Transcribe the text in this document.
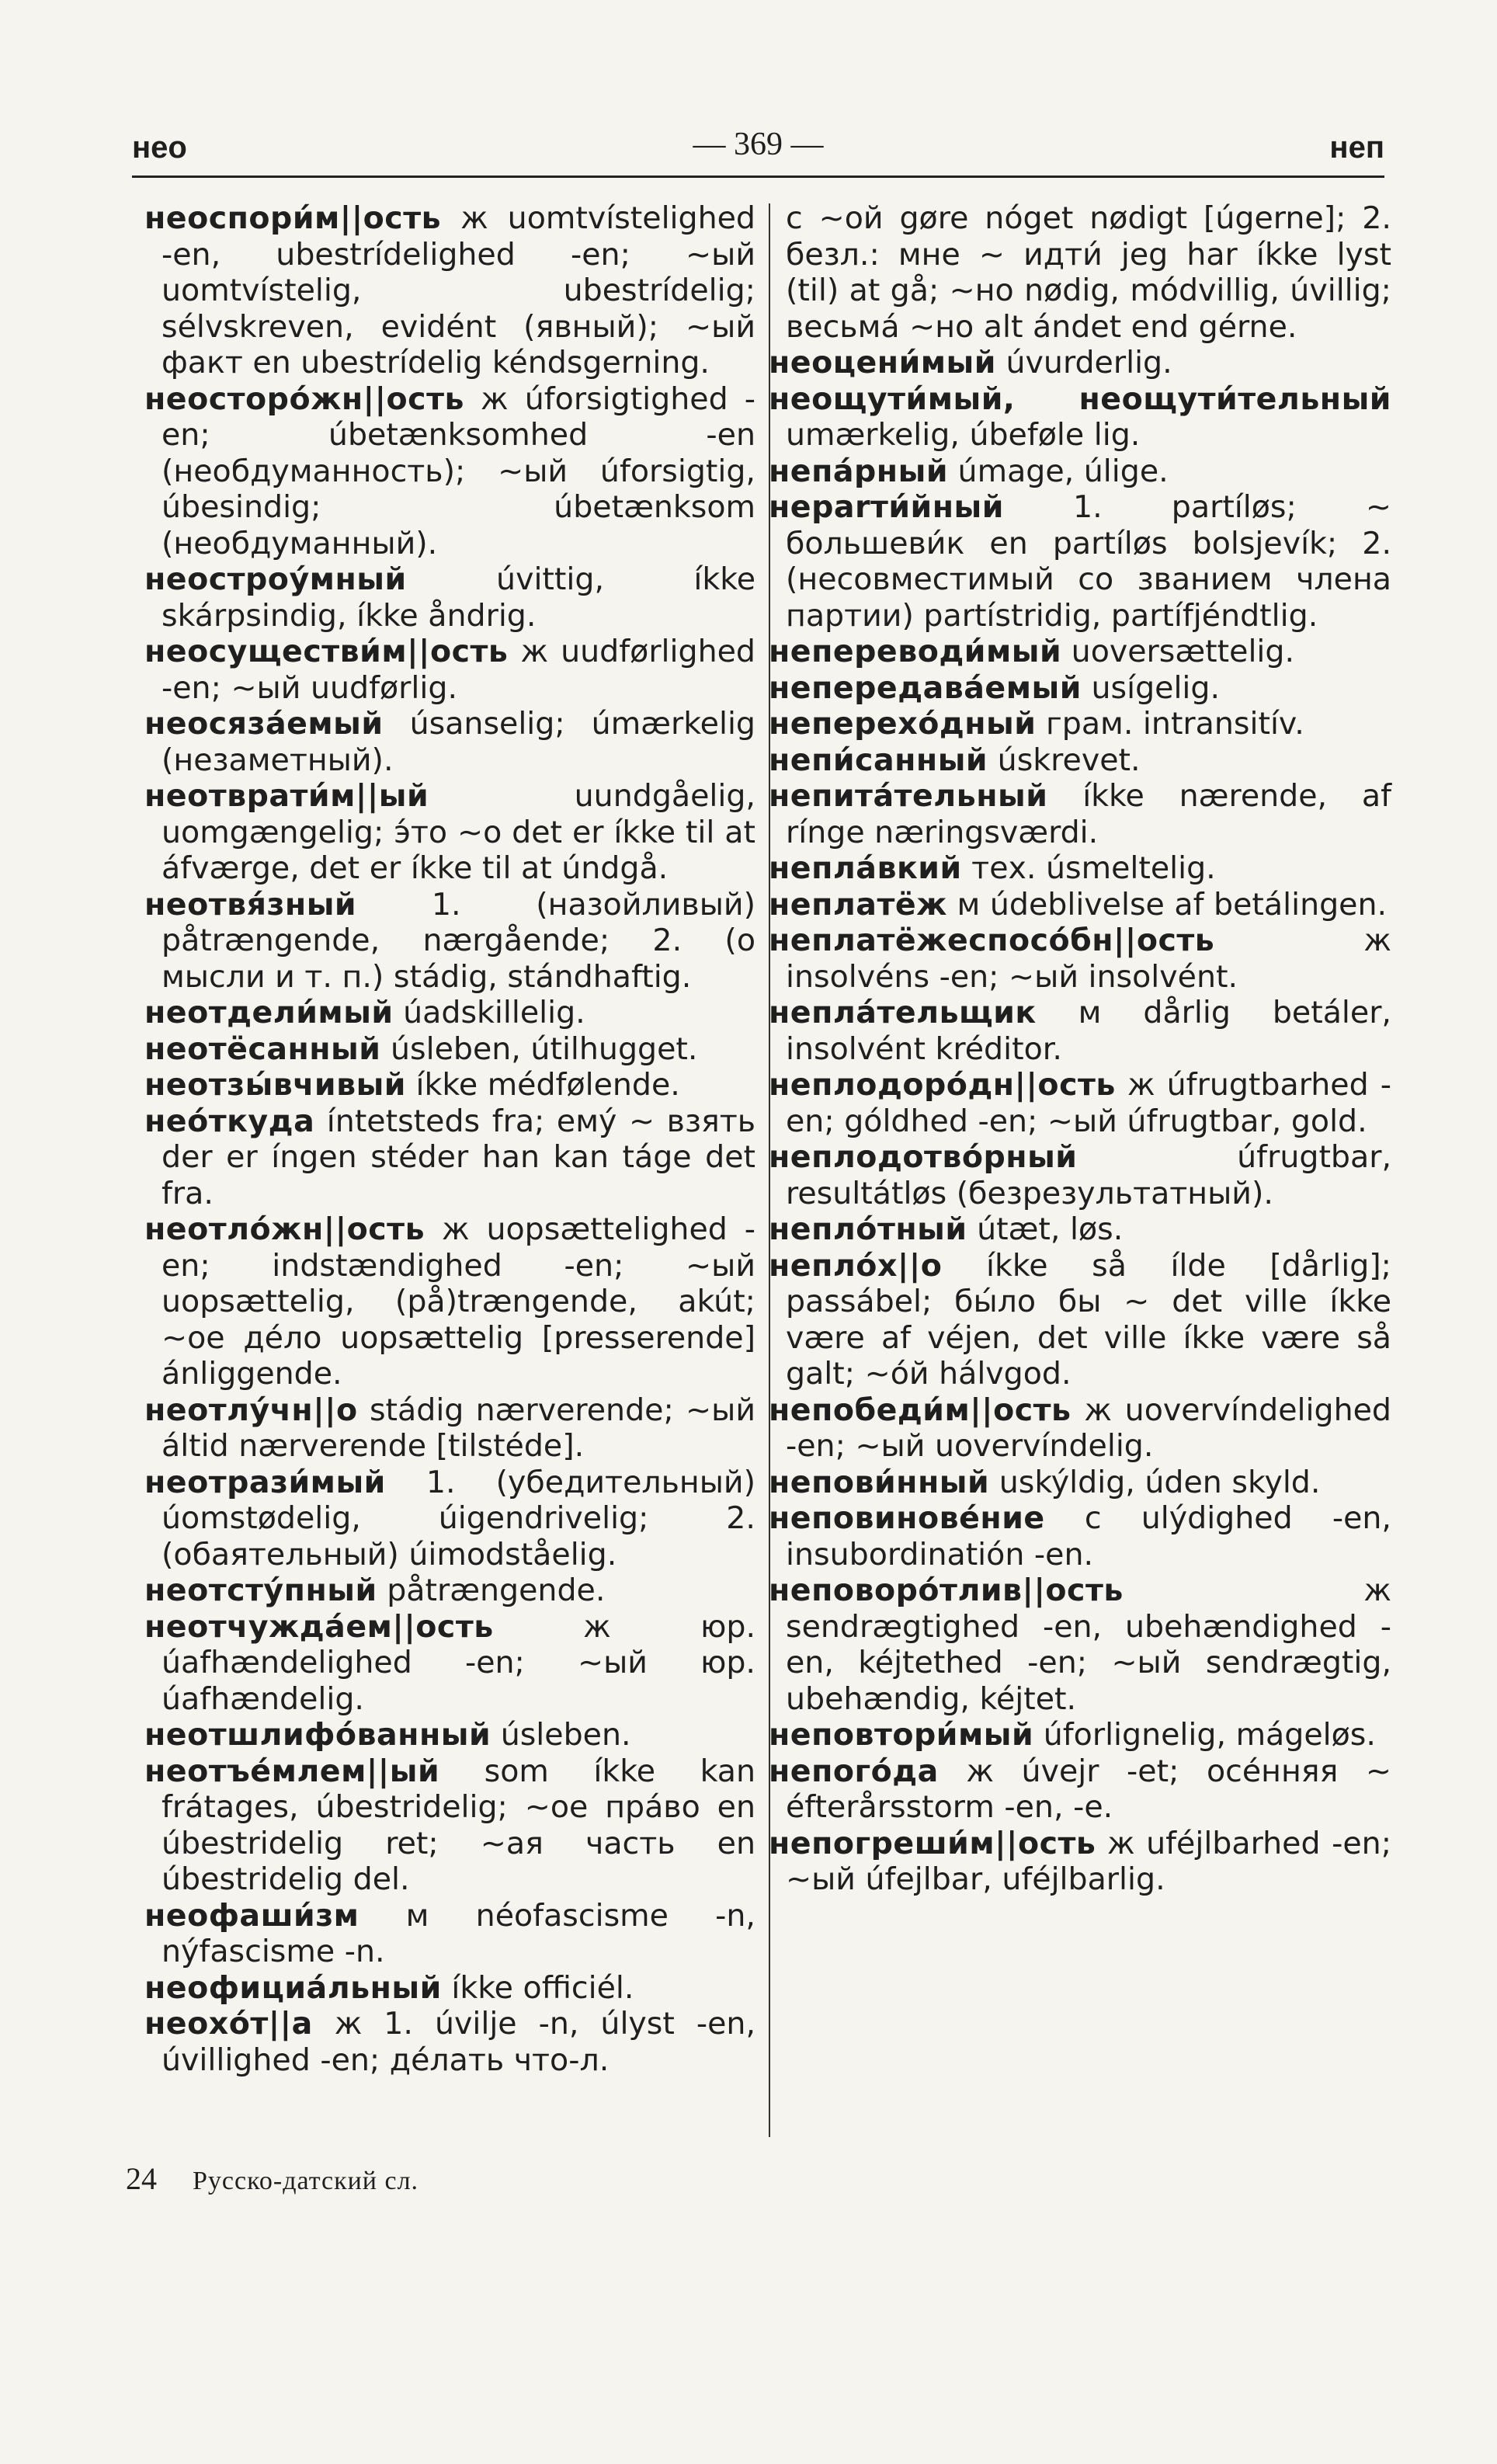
нео	— 369 —	неп

неоспори́м||ость ж uomtvístelighed -en, ubestrídelighed -en; ~ый uomtvístelig, ubestrídelig; sélvskreven, evidént (явный); ~ый факт en ubestrídelig kéndsgerning.

неосторо́жн||ость ж úforsigtighed -en; úbetænksomhed -en (необдуманность); ~ый úforsigtig, úbesindig; úbetænksom (необдуманный).

неостроу́мный úvittig, íkke skárpsindig, íkke åndrig.

неосуществи́м||ость ж uudførlighed -en; ~ый uudførlig.

неосяза́емый úsanselig; úmærkelig (незаметный).

неотврати́м||ый uundgåelig, uomgængelig; э́то ~о det er íkke til at áfværge, det er íkke til at úndgå.

неотвя́зный 1. (назойливый) påtrængende, nærgående; 2. (о мысли и т. п.) stádig, stándhaftig.

неотдели́мый úadskillelig.

неотёсанный úsleben, útilhugget.

неотзы́вчивый íkke médfølende.

нео́ткуда íntetsteds fra; ему́ ~ взять der er íngen stéder han kan táge det fra.

неотло́жн||ость ж uopsættelighed -en; indstændighed -en; ~ый uopsættelig, (på)trængende, akút; ~ое де́ло uopsættelig [presserende] ánliggende.

неотлу́чн||о stádig nærverende; ~ый áltid nærverende [tilstéde].

неотрази́мый 1. (убедительный) úomstødelig, úigendrivelig; 2. (обаятельный) úimodståelig.

неотсту́пный påtrængende.

неотчужда́ем||ость ж юр. úafhændelighed -en; ~ый юр. úafhændelig.

неотшлифо́ванный úsleben.

неотъе́млем||ый som íkke kan frátages, úbestridelig; ~ое пра́во en úbestridelig ret; ~ая часть en úbestridelig del.

неофаши́зм м néofascisme -n, nýfascisme -n.

неофициа́льный íkke officiél.

неохо́т||а ж 1. úvilje -n, úlyst -en, úvillighed -en; де́лать что-л.

с ~ой gøre nóget nødigt [úgerne]; 2. безл.: мне ~ идти́ jeg har íkke lyst (til) at gå; ~но nødig, módvillig, úvillig; весьма́ ~но alt ándet end gérne.

неоцени́мый úvurderlig.

неощути́мый, неощути́тельный umærkelig, úbeføle lig.

непа́рный úmage, úlige.

неparти́йный 1. partíløs; ~ большеви́к en partíløs bolsjevík; 2. (несовместимый со званием члена партии) partístridig, partífjéndtlig.

непереводи́мый uoversættelig.

непередава́емый usígelig.

неперехо́дный грам. intransitív.

непи́санный úskrevet.

непита́тельный íkke nærende, af ríngе næringsværdi.

непла́вкий тех. úsmeltelig.

неплатёж м údeblivelse af betálingen.

неплатёжеспосо́бн||ость ж insolvéns -en; ~ый insolvént.

непла́тельщик м dårlig betáler, insolvént kréditor.

неплодоро́дн||ость ж úfrugtbarhed -en; góldhed -en; ~ый úfrugtbar, gold.

неплодотво́рный úfrugtbar, resultátløs (безрезультатный).

непло́тный útæt, løs.

непло́х||о íkke så ílde [dårlig]; passábel; бы́ло бы ~ det ville íkke være af véjen, det ville íkke være så galt; ~о́й hálvgod.

непобеди́м||ость ж uovervíndelighed -en; ~ый uovervíndelig.

непови́нный uskýldig, úden skyld.

неповинове́ние с ulýdighed -en, insubordinatión -en.

неповоро́тлив||ость ж sendrægtighed -en, ubehændighed -en, kéjtethed -en; ~ый sendrægtig, ubehændig, kéjtet.

неповтори́мый úforlignelig, mágeløs.

непого́да ж úvejr -et; осе́нняя ~ éfterårsstorm -en, -e.

непогреши́м||ость ж uféjlbarhed -en; ~ый úfejlbar, uféjlbarlig.

24 Русско-датский сл.
